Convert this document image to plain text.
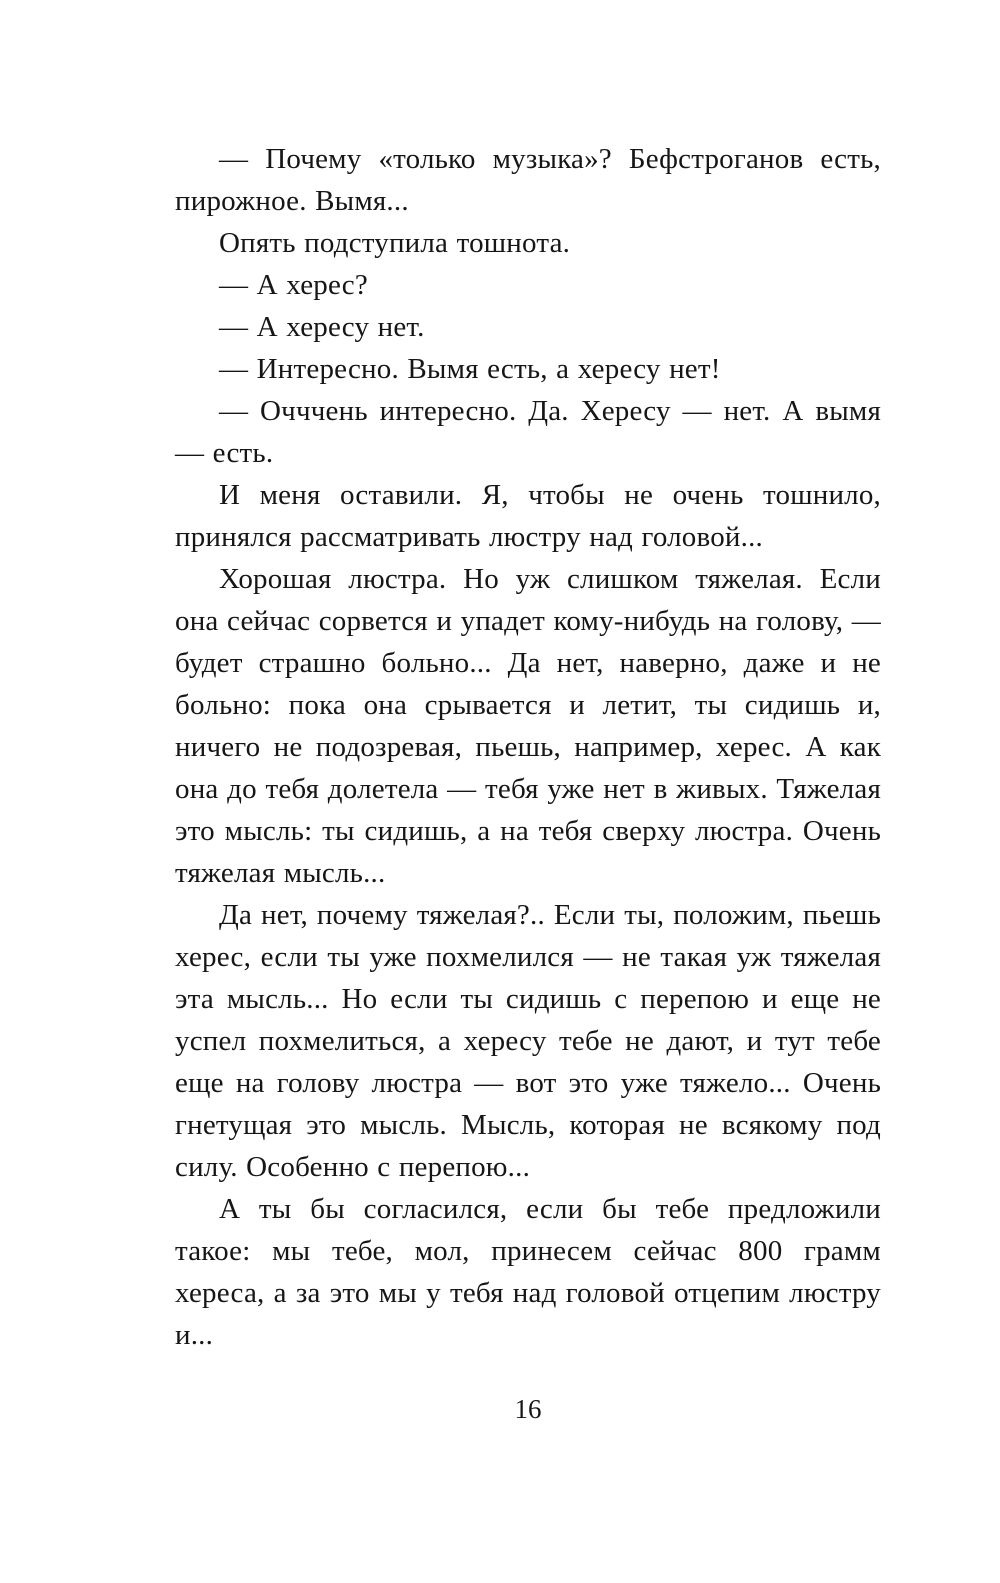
— Почему «только музыка»? Бефстроганов есть, пирожное. Вымя...

Опять подступила тошнота.

— А херес?

— А хересу нет.

— Интересно. Вымя есть, а хересу нет!

— Очччень интересно. Да. Хересу — нет. А вымя — есть.

И меня оставили. Я, чтобы не очень тошнило, принялся рассматривать люстру над головой...

Хорошая люстра. Но уж слишком тяжелая. Если она сейчас сорвется и упадет кому-нибудь на голову, — будет страшно больно... Да нет, наверно, даже и не больно: пока она срывается и летит, ты сидишь и, ничего не подозревая, пьешь, например, херес. А как она до тебя долетела — тебя уже нет в живых. Тяжелая это мысль: ты сидишь, а на тебя сверху люстра. Очень тяжелая мысль...

Да нет, почему тяжелая?.. Если ты, положим, пьешь херес, если ты уже похмелился — не такая уж тяжелая эта мысль... Но если ты сидишь с перепою и еще не успел похмелиться, а хересу тебе не дают, и тут тебе еще на голову люстра — вот это уже тяжело... Очень гнетущая это мысль. Мысль, которая не всякому под силу. Особенно с перепою...

А ты бы согласился, если бы тебе предложили такое: мы тебе, мол, принесем сейчас 800 грамм хереса, а за это мы у тебя над головой отцепим люстру и...

16
